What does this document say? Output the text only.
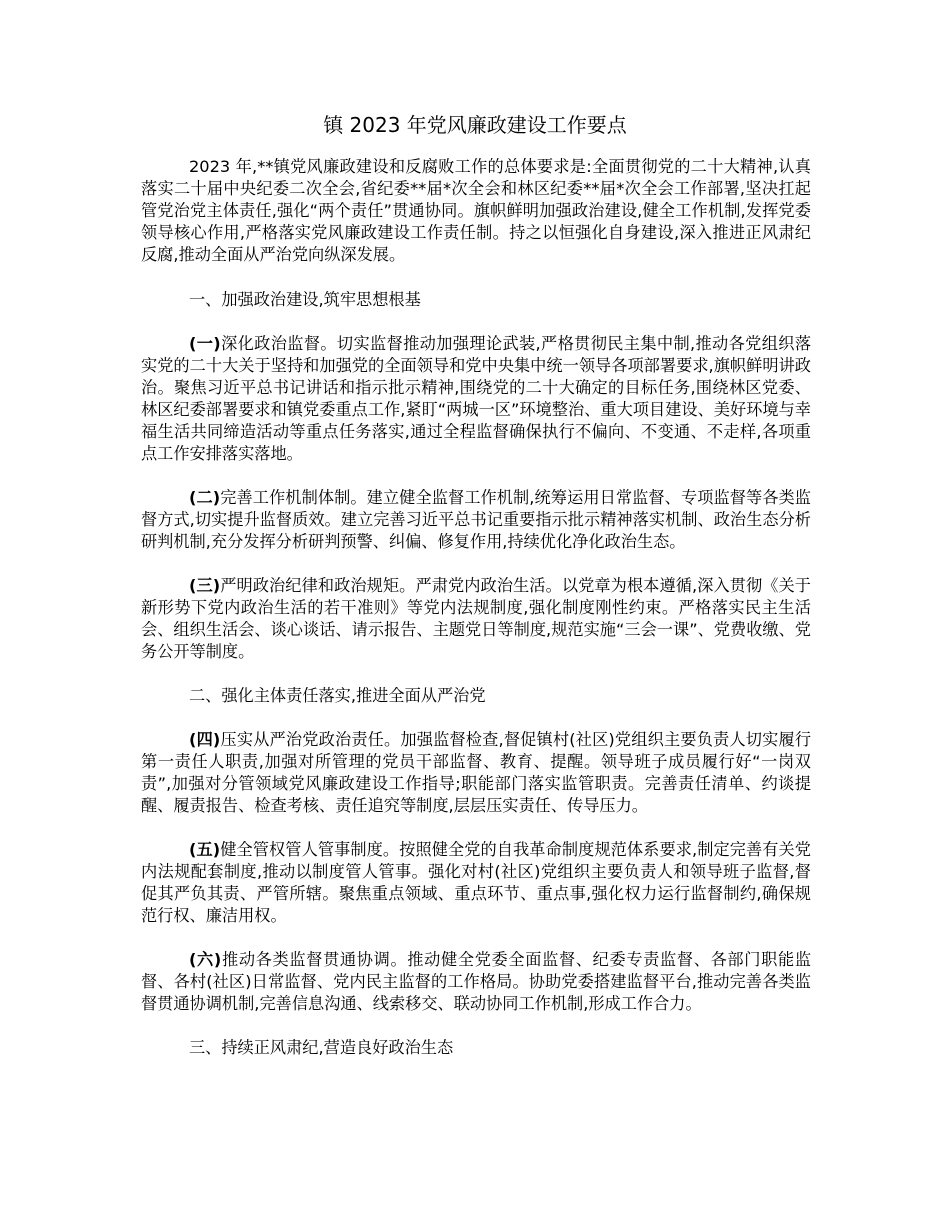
镇 2023 年党风廉政建设工作要点

2023 年,**镇党风廉政建设和反腐败工作的总体要求是:全面贯彻党的二十大精神,认真落实二十届中央纪委二次全会,省纪委**届*次全会和林区纪委**届*次全会工作部署,坚决扛起管党治党主体责任,强化“两个责任”贯通协同。旗帜鲜明加强政治建设,健全工作机制,发挥党委领导核心作用,严格落实党风廉政建设工作责任制。持之以恒强化自身建设,深入推进正风肃纪反腐,推动全面从严治党向纵深发展。

一、加强政治建设,筑牢思想根基

(一)深化政治监督。切实监督推动加强理论武装,严格贯彻民主集中制,推动各党组织落实党的二十大关于坚持和加强党的全面领导和党中央集中统一领导各项部署要求,旗帜鲜明讲政治。聚焦习近平总书记讲话和指示批示精神,围绕党的二十大确定的目标任务,围绕林区党委、林区纪委部署要求和镇党委重点工作,紧盯“两城一区”环境整治、重大项目建设、美好环境与幸福生活共同缔造活动等重点任务落实,通过全程监督确保执行不偏向、不变通、不走样,各项重点工作安排落实落地。

(二)完善工作机制体制。建立健全监督工作机制,统筹运用日常监督、专项监督等各类监督方式,切实提升监督质效。建立完善习近平总书记重要指示批示精神落实机制、政治生态分析研判机制,充分发挥分析研判预警、纠偏、修复作用,持续优化净化政治生态。

(三)严明政治纪律和政治规矩。严肃党内政治生活。以党章为根本遵循,深入贯彻《关于新形势下党内政治生活的若干准则》等党内法规制度,强化制度刚性约束。严格落实民主生活会、组织生活会、谈心谈话、请示报告、主题党日等制度,规范实施“三会一课”、党费收缴、党务公开等制度。

二、强化主体责任落实,推进全面从严治党

(四)压实从严治党政治责任。加强监督检查,督促镇村(社区)党组织主要负责人切实履行第一责任人职责,加强对所管理的党员干部监督、教育、提醒。领导班子成员履行好“一岗双责”,加强对分管领域党风廉政建设工作指导;职能部门落实监管职责。完善责任清单、约谈提醒、履责报告、检查考核、责任追究等制度,层层压实责任、传导压力。

(五)健全管权管人管事制度。按照健全党的自我革命制度规范体系要求,制定完善有关党内法规配套制度,推动以制度管人管事。强化对村(社区)党组织主要负责人和领导班子监督,督促其严负其责、严管所辖。聚焦重点领域、重点环节、重点事,强化权力运行监督制约,确保规范行权、廉洁用权。

(六)推动各类监督贯通协调。推动健全党委全面监督、纪委专责监督、各部门职能监督、各村(社区)日常监督、党内民主监督的工作格局。协助党委搭建监督平台,推动完善各类监督贯通协调机制,完善信息沟通、线索移交、联动协同工作机制,形成工作合力。

三、持续正风肃纪,营造良好政治生态
